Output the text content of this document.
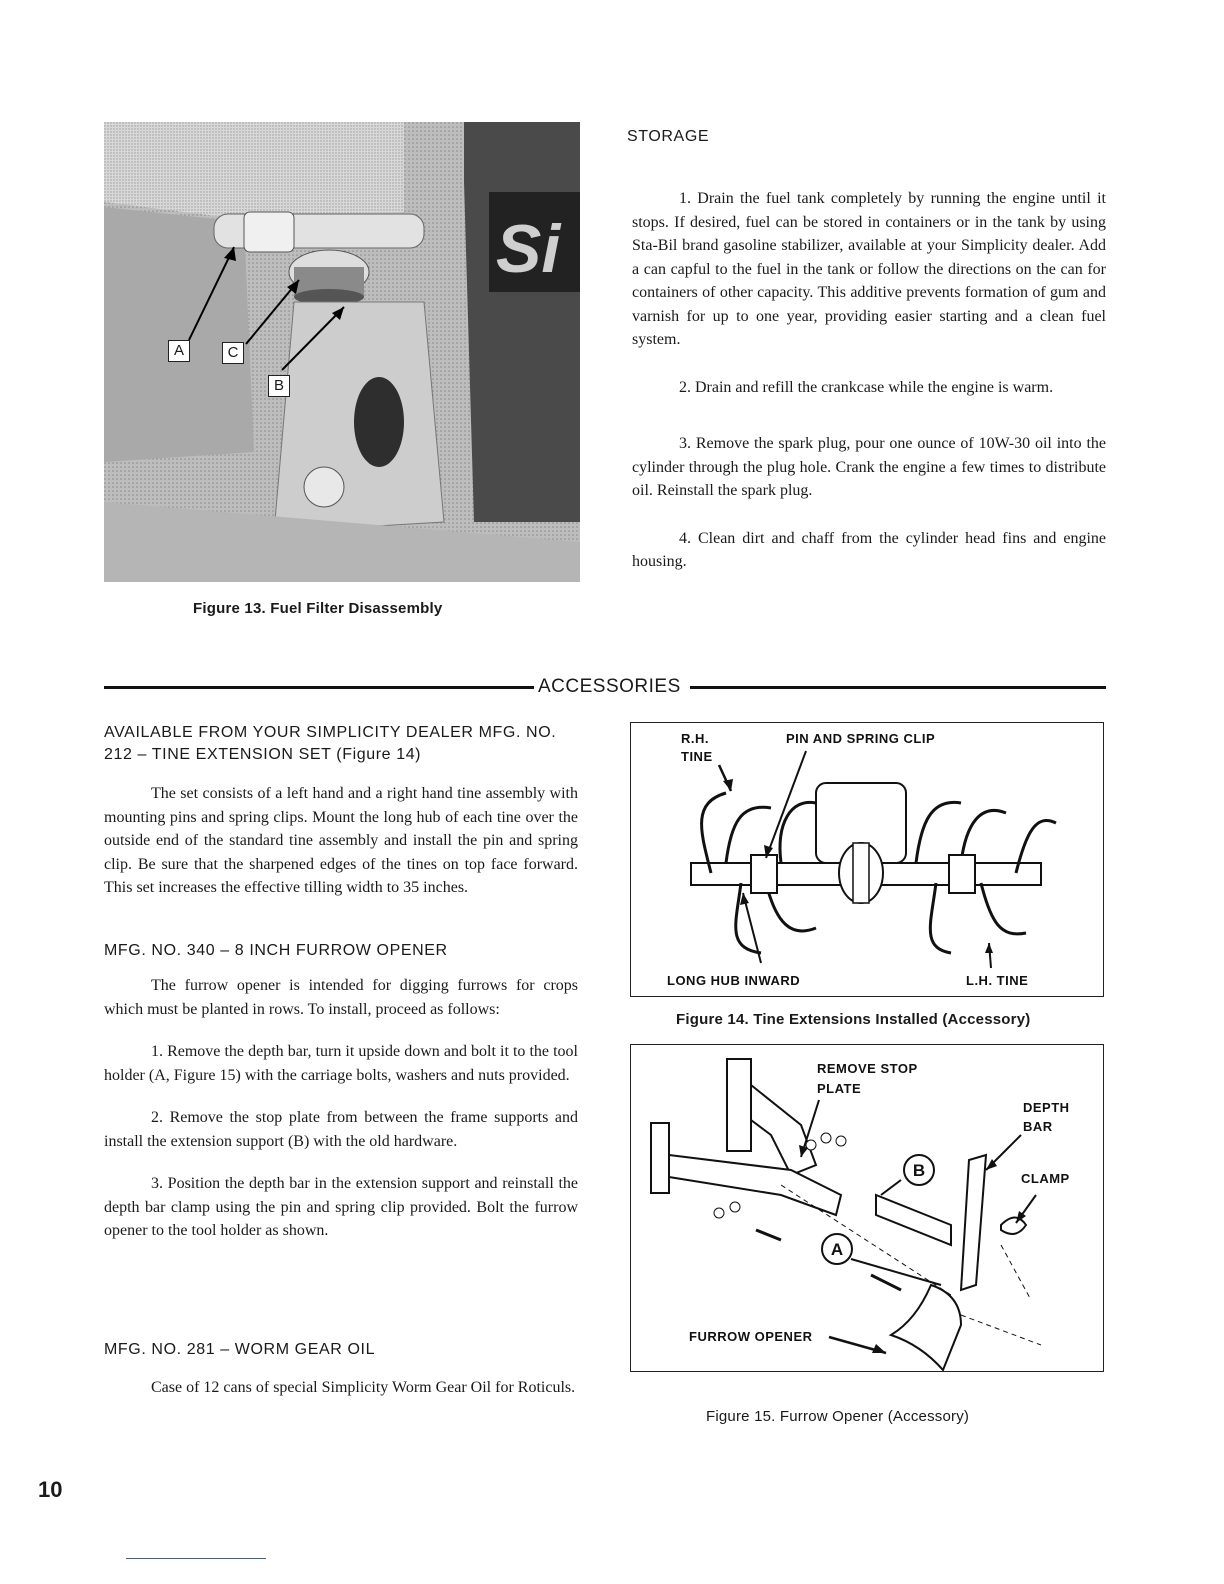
Si
A	C
B
Figure 13. Fuel Filter Disassembly
STORAGE

1. Drain the fuel tank completely by running the engine until it stops. If desired, fuel can be stored in containers or in the tank by using Sta-Bil brand gasoline stabilizer, available at your Simplicity dealer. Add a can capful to the fuel in the tank or follow the directions on the can for containers of other capacity. This additive prevents formation of gum and varnish for up to one year, providing easier starting and a clean fuel system.

2. Drain and refill the crankcase while the engine is warm.

3. Remove the spark plug, pour one ounce of 10W-30 oil into the cylinder through the plug hole. Crank the engine a few times to distribute oil. Reinstall the spark plug.

4. Clean dirt and chaff from the cylinder head fins and engine housing.

ACCESSORIES
AVAILABLE FROM YOUR SIMPLICITY DEALER MFG. NO. 212 – TINE EXTENSION SET (Figure 14)

The set consists of a left hand and a right hand tine assembly with mounting pins and spring clips. Mount the long hub of each tine over the outside end of the standard tine assembly and install the pin and spring clip. Be sure that the sharpened edges of the tines on top face forward. This set increases the effective tilling width to 35 inches.

MFG. NO. 340 – 8 INCH FURROW OPENER

The furrow opener is intended for digging furrows for crops which must be planted in rows. To install, proceed as follows:

1. Remove the depth bar, turn it upside down and bolt it to the tool holder (A, Figure 15) with the carriage bolts, washers and nuts provided.

2. Remove the stop plate from between the frame supports and install the extension support (B) with the old hardware.

3. Position the depth bar in the extension support and reinstall the depth bar clamp using the pin and spring clip provided. Bolt the furrow opener to the tool holder as shown.

MFG. NO. 281 – WORM GEAR OIL

Case of 12 cans of special Simplicity Worm Gear Oil for Roticuls.

R.H.
TINE
PIN AND SPRING CLIP
LONG HUB INWARD	L.H. TINE
Figure 14. Tine Extensions Installed (Accessory)
REMOVE STOP
PLATE
DEPTH
BAR
CLAMP
FURROW OPENER
B
A
Figure 15. Furrow Opener (Accessory)
10
